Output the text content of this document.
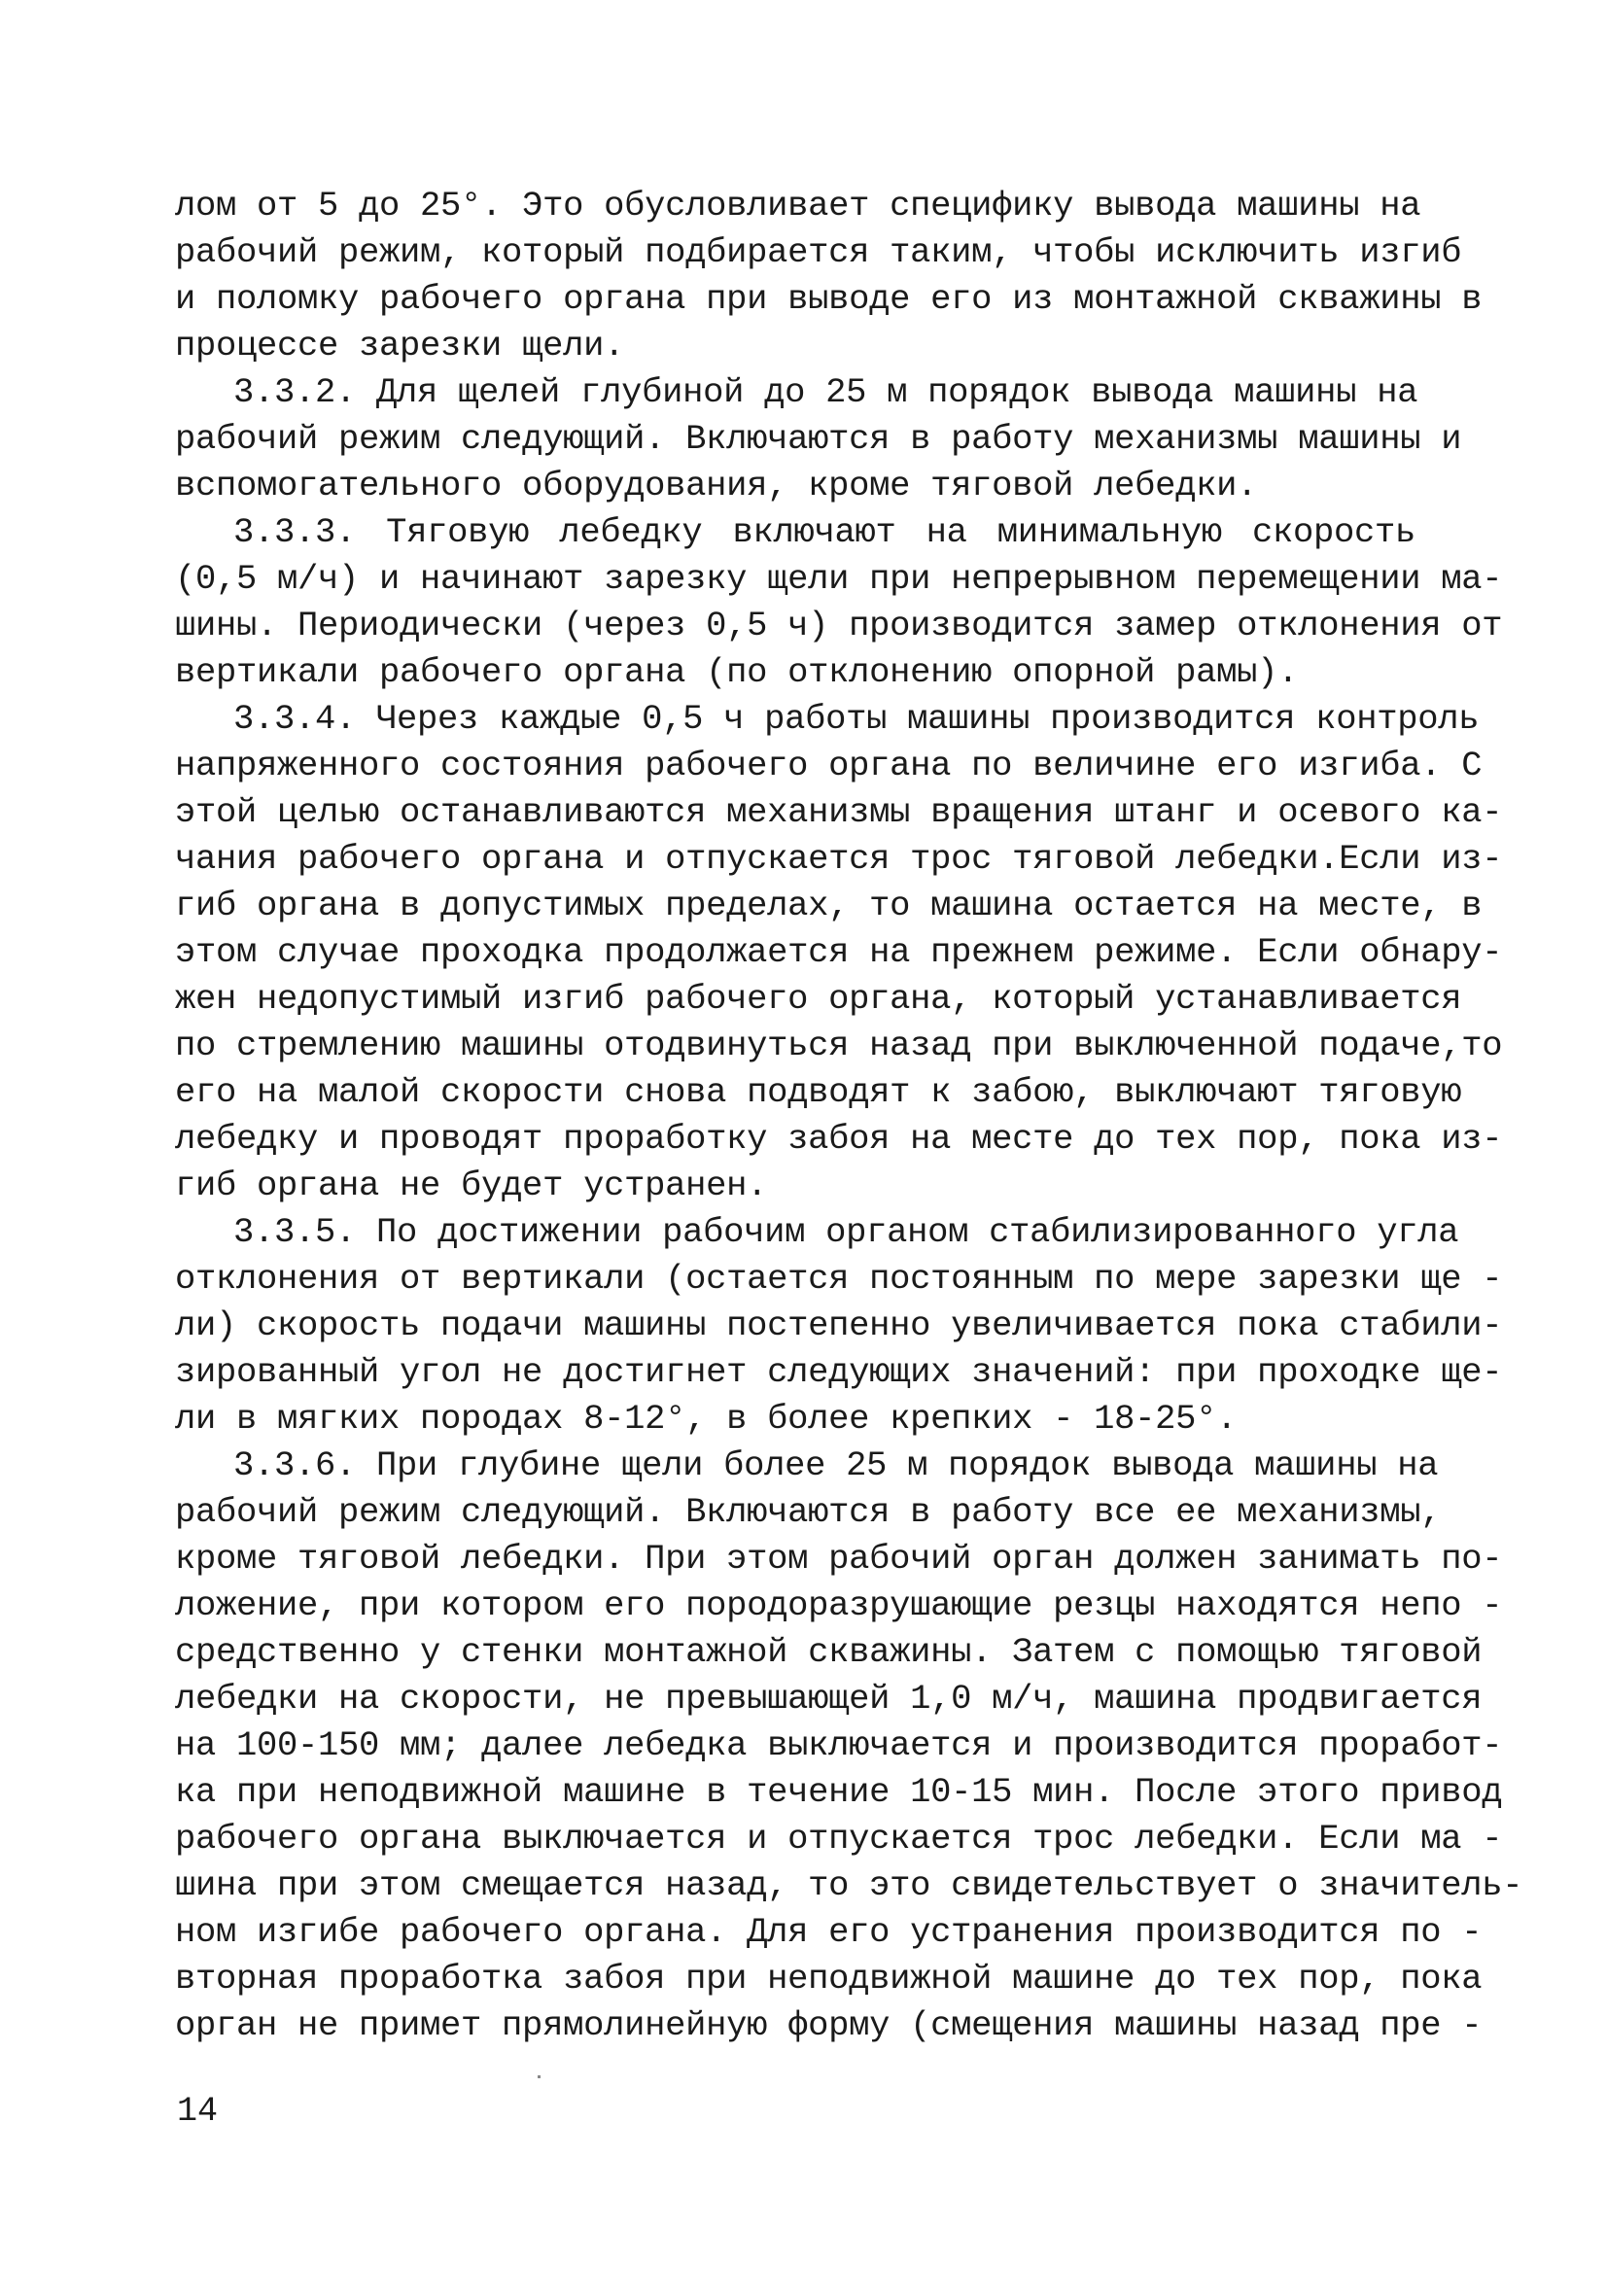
лом от 5 до 25°. Это обусловливает специфику вывода машины на
рабочий режим, который подбирается таким, чтобы исключить изгиб
и поломку рабочего органа при выводе его из монтажной скважины в
процессе зарезки щели.
3.3.2. Для щелей глубиной до 25 м порядок вывода машины на
рабочий режим следующий. Включаются в работу механизмы машины и
вспомогательного оборудования, кроме тяговой лебедки.
3.3.3. Тяговую лебедку включают на минимальную скорость
(0,5 м/ч) и начинают зарезку щели при непрерывном перемещении ма-
шины. Периодически (через 0,5 ч) производится замер отклонения от
вертикали рабочего органа (по отклонению опорной рамы).
3.3.4. Через каждые 0,5 ч работы машины производится контроль
напряженного состояния рабочего органа по величине его изгиба. С
этой целью останавливаются механизмы вращения штанг и осевого ка-
чания рабочего органа и отпускается трос тяговой лебедки.Если из-
гиб органа в допустимых пределах, то машина остается на месте, в
этом случае проходка продолжается на прежнем режиме. Если обнару-
жен недопустимый изгиб рабочего органа, который устанавливается
по стремлению машины отодвинуться назад при выключенной подаче,то
его на малой скорости снова подводят к забою, выключают тяговую
лебедку и проводят проработку забоя на месте до тех пор, пока из-
гиб органа не будет устранен.
3.3.5. По достижении рабочим органом стабилизированного угла
отклонения от вертикали (остается постоянным по мере зарезки ще -
ли) скорость подачи машины постепенно увеличивается пока стабили-
зированный угол не достигнет следующих значений: при проходке ще-
ли в мягких породах 8-12°, в более крепких - 18-25°.
3.3.6. При глубине щели более 25 м порядок вывода машины на
рабочий режим следующий. Включаются в работу все ее механизмы,
кроме тяговой лебедки. При этом рабочий орган должен занимать по-
ложение, при котором его породоразрушающие резцы находятся непо -
средственно у стенки монтажной скважины. Затем с помощью тяговой
лебедки на скорости, не превышающей 1,0 м/ч, машина продвигается
на 100-150 мм; далее лебедка выключается и производится проработ-
ка при неподвижной машине в течение 10-15 мин. После этого привод
рабочего органа выключается и отпускается трос лебедки. Если ма -
шина при этом смещается назад, то это свидетельствует о значитель-
ном изгибе рабочего органа. Для его устранения производится по -
вторная проработка забоя при неподвижной машине до тех пор, пока
орган не примет прямолинейную форму (смещения машины назад пре -
14
